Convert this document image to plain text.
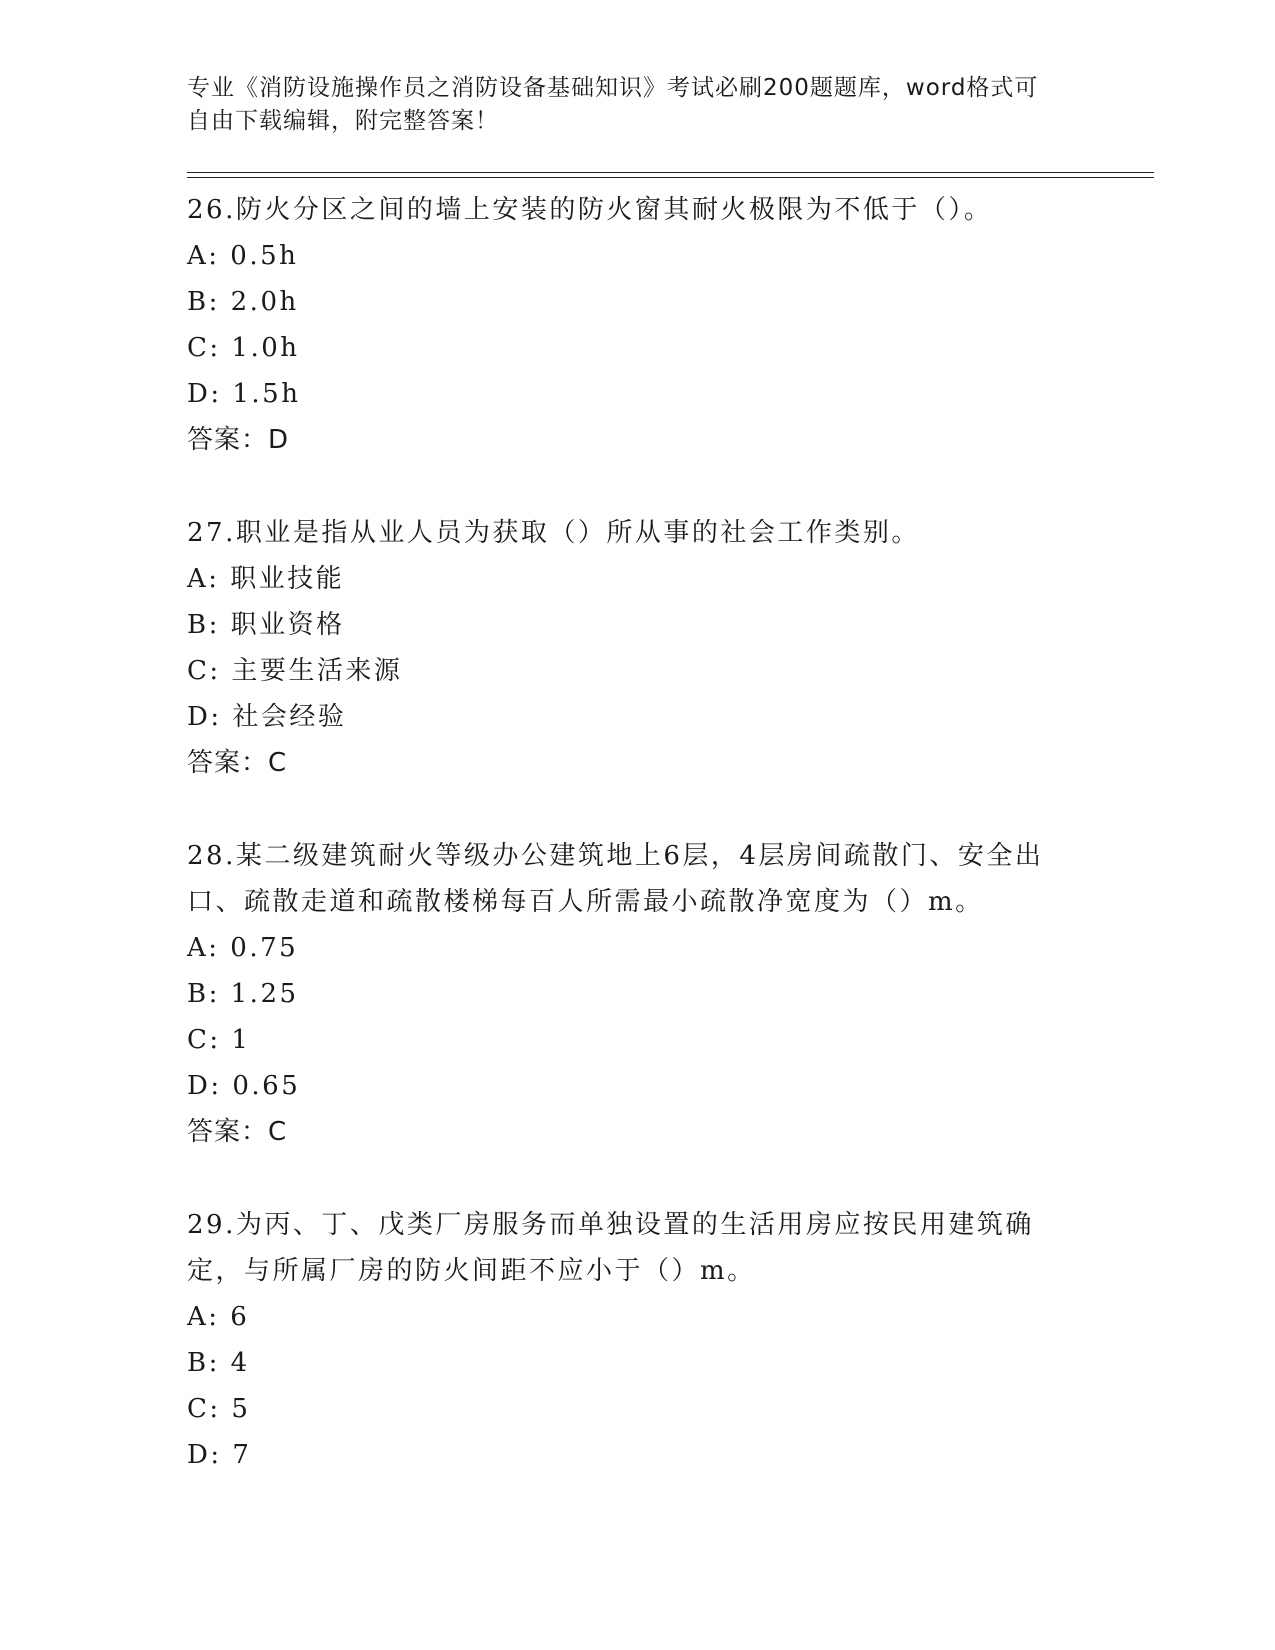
专业《消防设施操作员之消防设备基础知识》考试必刷200题题库，word格式可
自由下载编辑，附完整答案！
26.防火分区之间的墙上安装的防火窗其耐火极限为不低于（）。
A: 0.5h
B: 2.0h
C: 1.0h
D: 1.5h
答案：D
27.职业是指从业人员为获取（）所从事的社会工作类别。
A: 职业技能
B: 职业资格
C: 主要生活来源
D: 社会经验
答案：C
28.某二级建筑耐火等级办公建筑地上6层，4层房间疏散门、安全出口、疏散走道和疏散楼梯每百人所需最小疏散净宽度为（）m。
A: 0.75
B: 1.25
C: 1
D: 0.65
答案：C
29.为丙、丁、戊类厂房服务而单独设置的生活用房应按民用建筑确定，与所属厂房的防火间距不应小于（）m。
A: 6
B: 4
C: 5
D: 7
